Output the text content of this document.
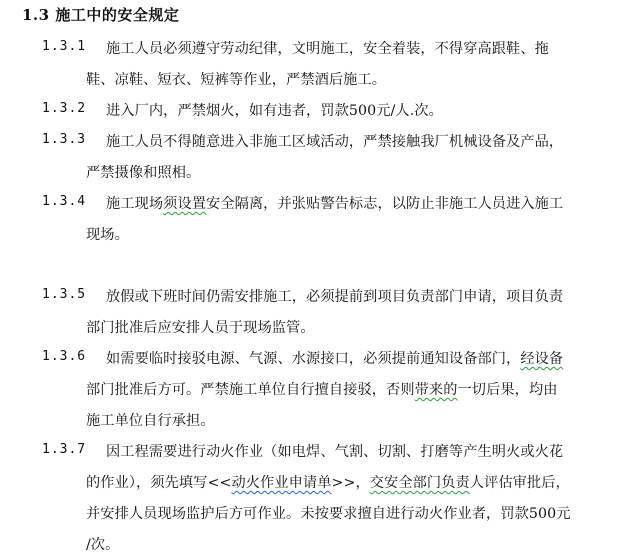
1.3 施工中的安全规定
1.3.1 施工人员必须遵守劳动纪律，文明施工，安全着装，不得穿高跟鞋、拖
鞋、凉鞋、短衣、短裤等作业，严禁酒后施工。
1.3.2 进入厂内，严禁烟火，如有违者，罚款500元/人.次。
1.3.3 施工人员不得随意进入非施工区域活动，严禁接触我厂机械设备及产品，
严禁摄像和照相。
1.3.4 施工现场须设置安全隔离，并张贴警告标志，以防止非施工人员进入施工
现场。
1.3.5 放假或下班时间仍需安排施工，必须提前到项目负责部门申请，项目负责
部门批准后应安排人员于现场监管。
1.3.6 如需要临时接驳电源、气源、水源接口，必须提前通知设备部门，经设备
部门批准后方可。严禁施工单位自行擅自接驳，否则带来的一切后果，均由
施工单位自行承担。
1.3.7 因工程需要进行动火作业（如电焊、气割、切割、打磨等产生明火或火花
的作业），须先填写<<动火作业申请单>>，交安全部门负责人评估审批后，
并安排人员现场监护后方可作业。未按要求擅自进行动火作业者，罚款500元
/次。
